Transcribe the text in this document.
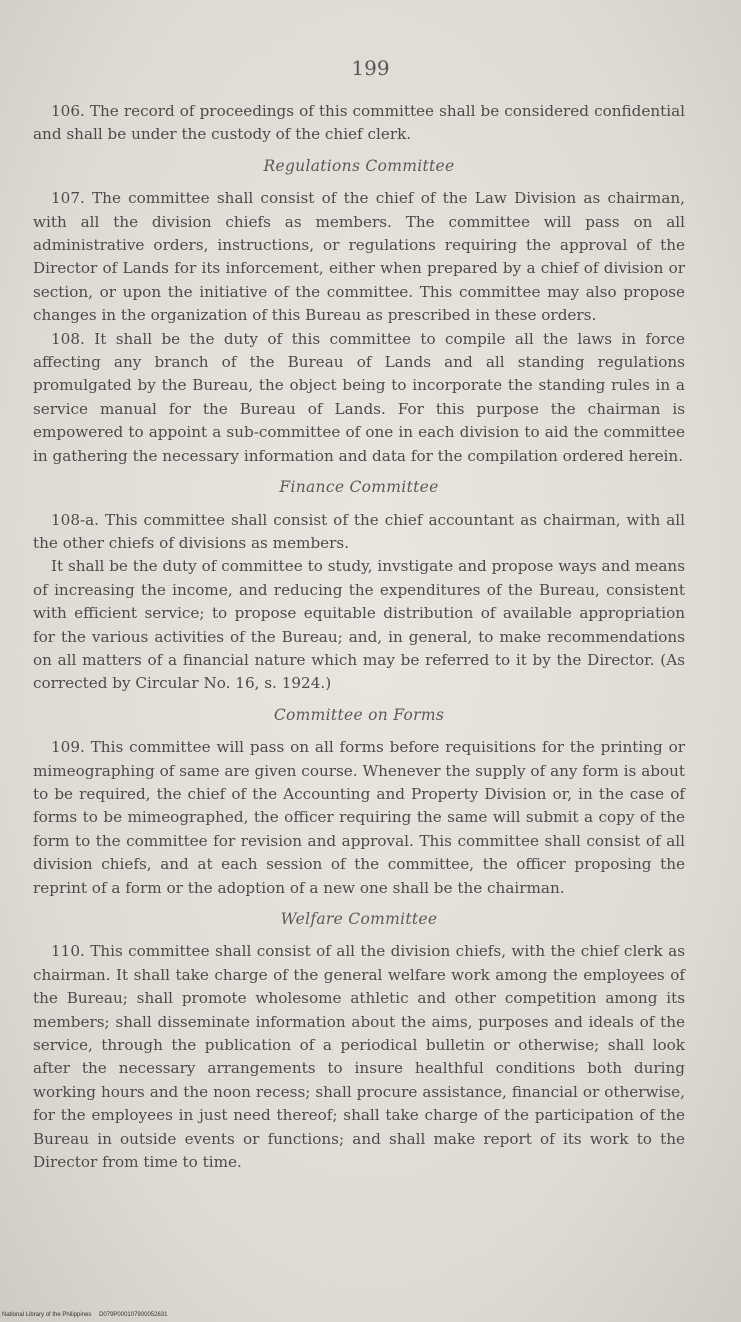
199

106. The record of proceedings of this committee shall be considered confidential and shall be under the custody of the chief clerk.

Regulations Committee

107. The committee shall consist of the chief of the Law Division as chairman, with all the division chiefs as members. The committee will pass on all administrative orders, instructions, or regulations requiring the approval of the Director of Lands for its inforcement, either when prepared by a chief of division or section, or upon the initiative of the committee. This committee may also propose changes in the organization of this Bureau as prescribed in these orders.

108. It shall be the duty of this committee to compile all the laws in force affecting any branch of the Bureau of Lands and all standing regulations promulgated by the Bureau, the object being to incorporate the standing rules in a service manual for the Bureau of Lands. For this purpose the chairman is empowered to appoint a sub-committee of one in each division to aid the committee in gathering the necessary information and data for the compilation ordered herein.

Finance Committee

108-a. This committee shall consist of the chief accountant as chairman, with all the other chiefs of divisions as members.

It shall be the duty of committee to study, invstigate and propose ways and means of increasing the income, and reducing the expenditures of the Bureau, consistent with efficient service; to propose equitable distribution of available appropriation for the various activities of the Bureau; and, in general, to make recommendations on all matters of a financial nature which may be referred to it by the Director. (As corrected by Circular No. 16, s. 1924.)

Committee on Forms

109. This committee will pass on all forms before requisitions for the printing or mimeographing of same are given course. Whenever the supply of any form is about to be required, the chief of the Accounting and Property Division or, in the case of forms to be mimeographed, the officer requiring the same will submit a copy of the form to the committee for revision and approval. This committee shall consist of all division chiefs, and at each session of the committee, the officer proposing the reprint of a form or the adoption of a new one shall be the chairman.

Welfare Committee

110. This committee shall consist of all the division chiefs, with the chief clerk as chairman. It shall take charge of the general welfare work among the employees of the Bureau; shall promote wholesome athletic and other competition among its members; shall disseminate information about the aims, purposes and ideals of the service, through the publication of a periodical bulletin or otherwise; shall look after the necessary arrangements to insure healthful conditions both during working hours and the noon recess; shall procure assistance, financial or otherwise, for the employees in just need thereof; shall take charge of the participation of the Bureau in outside events or functions; and shall make report of its work to the Director from time to time.

National Library of the Philippines D079P000107900052631
